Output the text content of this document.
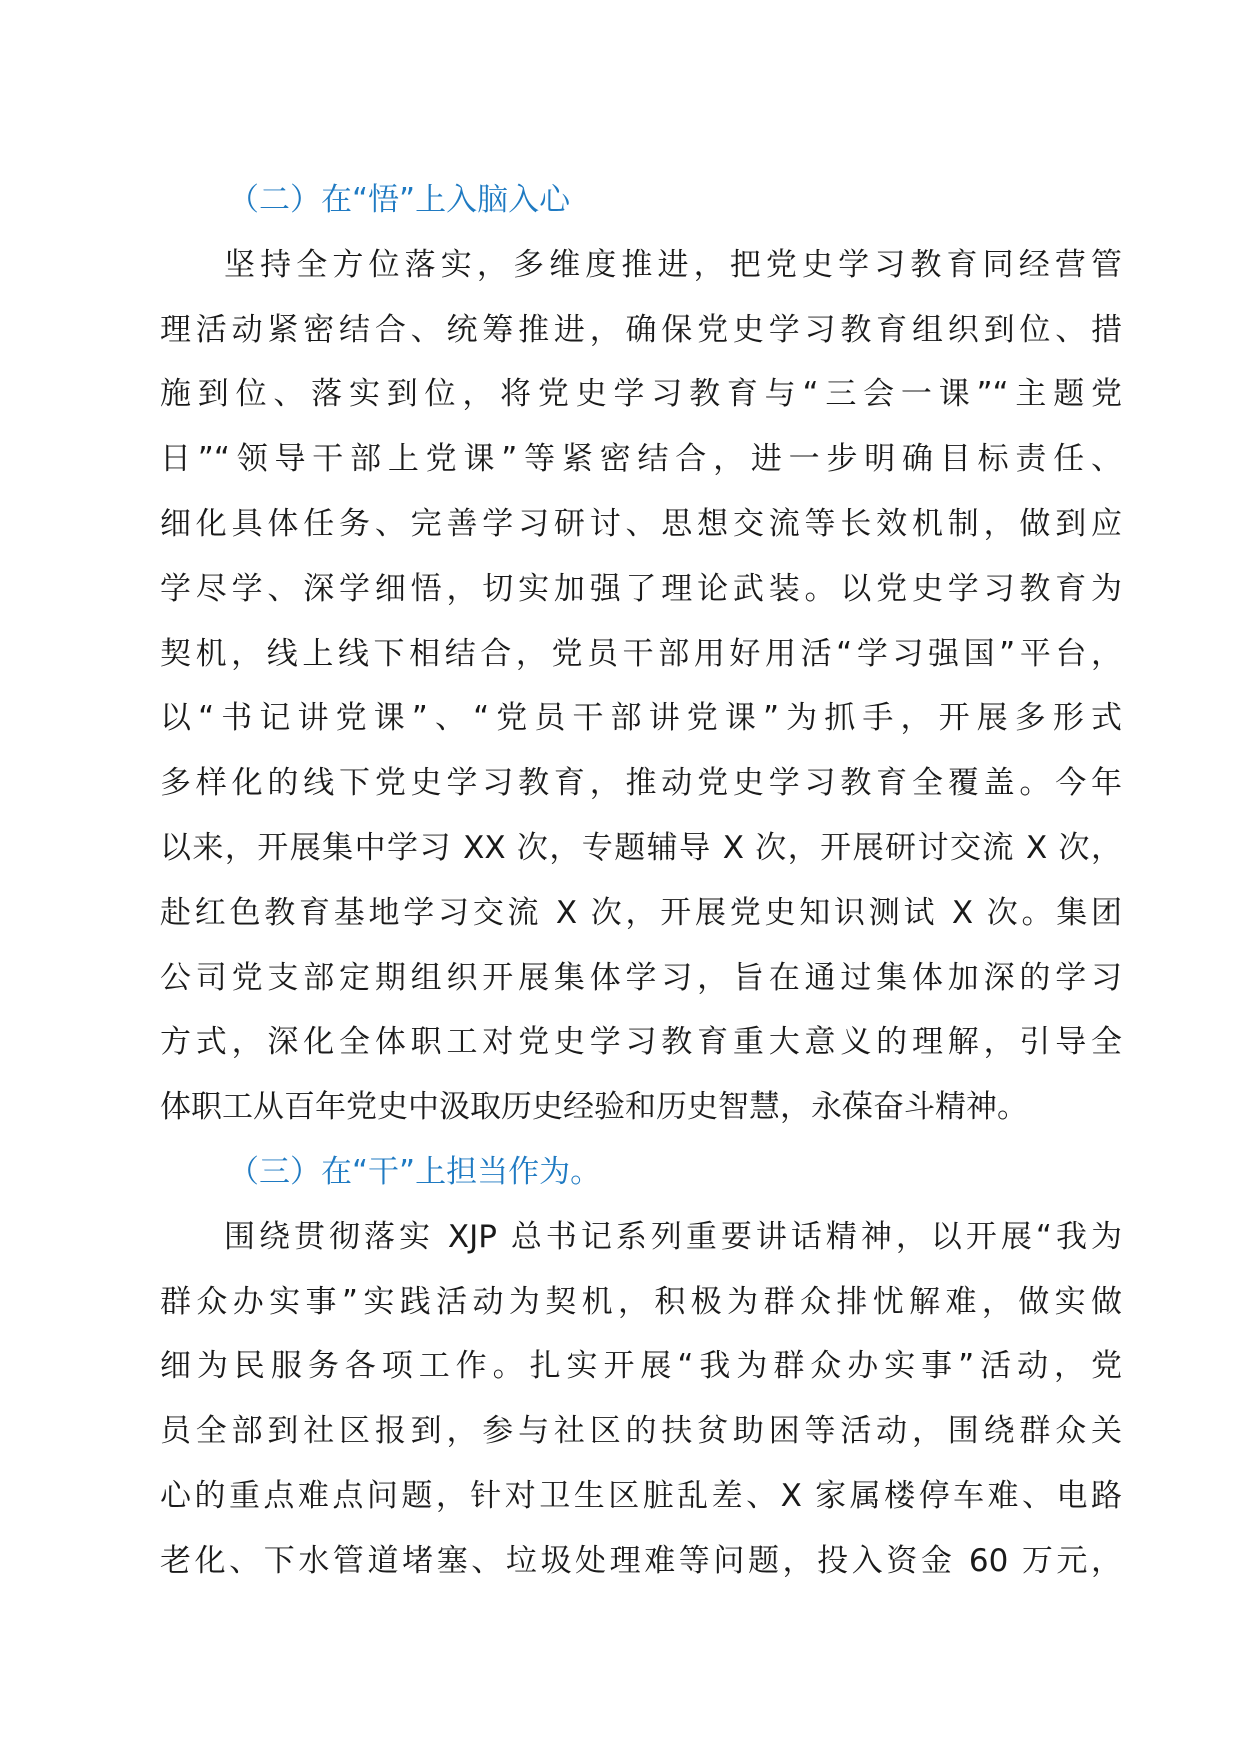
（二）在“悟”上入脑入心

坚持全方位落实，多维度推进，把党史学习教育同经营管

理活动紧密结合、统筹推进，确保党史学习教育组织到位、措

施到位、落实到位，将党史学习教育与“三会一课”“主题党

日”“领导干部上党课”等紧密结合，进一步明确目标责任、

细化具体任务、完善学习研讨、思想交流等长效机制，做到应

学尽学、深学细悟，切实加强了理论武装。以党史学习教育为

契机，线上线下相结合，党员干部用好用活“学习强国”平台，

以“书记讲党课”、“党员干部讲党课”为抓手，开展多形式

多样化的线下党史学习教育，推动党史学习教育全覆盖。今年

以来，开展集中学习 XX 次，专题辅导 X 次，开展研讨交流 X 次，

赴红色教育基地学习交流 X 次，开展党史知识测试 X 次。集团

公司党支部定期组织开展集体学习，旨在通过集体加深的学习

方式，深化全体职工对党史学习教育重大意义的理解，引导全

体职工从百年党史中汲取历史经验和历史智慧，永葆奋斗精神。

（三）在“干”上担当作为。

围绕贯彻落实 XJP 总书记系列重要讲话精神，以开展“我为

群众办实事”实践活动为契机，积极为群众排忧解难，做实做

细为民服务各项工作。扎实开展“我为群众办实事”活动，党

员全部到社区报到，参与社区的扶贫助困等活动，围绕群众关

心的重点难点问题，针对卫生区脏乱差、X 家属楼停车难、电路

老化、下水管道堵塞、垃圾处理难等问题，投入资金 60 万元，
